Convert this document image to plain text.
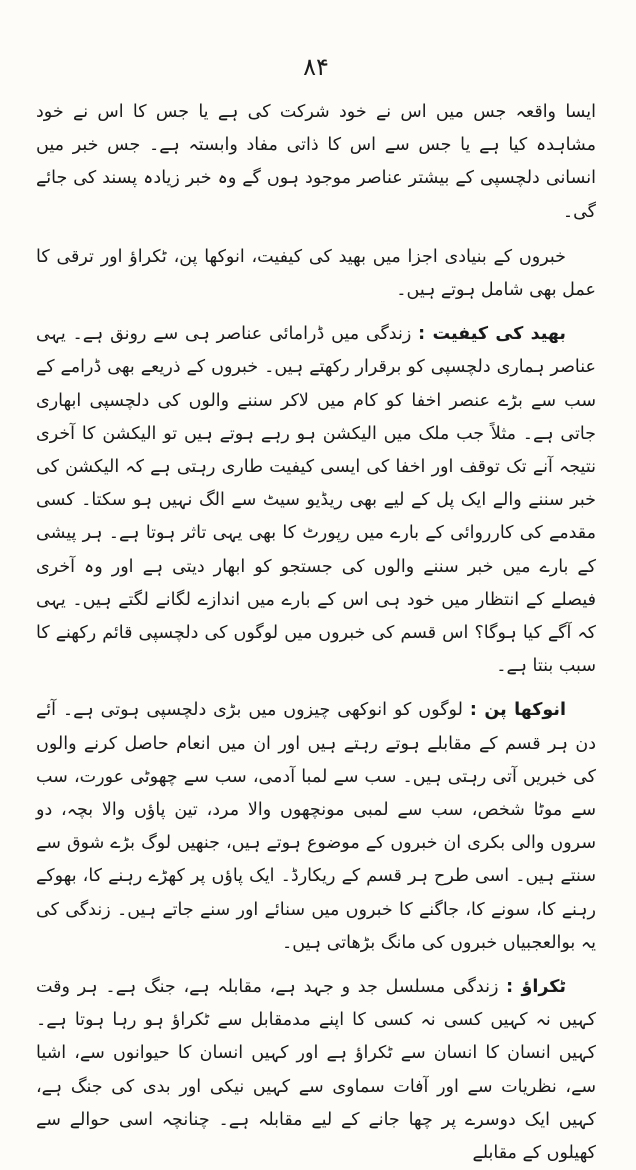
۸۴

ایسا واقعہ جس میں اس نے خود شرکت کی ہے یا جس کا اس نے خود مشاہدہ کیا ہے یا جس سے اس کا ذاتی مفاد وابستہ ہے۔ جس خبر میں انسانی دلچسپی کے بیشتر عناصر موجود ہوں گے وہ خبر زیادہ پسند کی جائے گی۔

خبروں کے بنیادی اجزا میں بھید کی کیفیت، انوکھا پن، ٹکراؤ اور ترقی کا عمل بھی شامل ہوتے ہیں۔

بھید کی کیفیت : زندگی میں ڈرامائی عناصر ہی سے رونق ہے۔ یہی عناصر ہماری دلچسپی کو برقرار رکھتے ہیں۔ خبروں کے ذریعے بھی ڈرامے کے سب سے بڑے عنصر اخفا کو کام میں لاکر سننے والوں کی دلچسپی ابھاری جاتی ہے۔ مثلاً جب ملک میں الیکشن ہو رہے ہوتے ہیں تو الیکشن کا آخری نتیجہ آنے تک توقف اور اخفا کی ایسی کیفیت طاری رہتی ہے کہ الیکشن کی خبر سننے والے ایک پل کے لیے بھی ریڈیو سیٹ سے الگ نہیں ہو سکتا۔ کسی مقدمے کی کارروائی کے بارے میں رپورٹ کا بھی یہی تاثر ہوتا ہے۔ ہر پیشی کے بارے میں خبر سننے والوں کی جستجو کو ابھار دیتی ہے اور وہ آخری فیصلے کے انتظار میں خود ہی اس کے بارے میں اندازے لگانے لگتے ہیں۔ یہی کہ آگے کیا ہوگا؟ اس قسم کی خبروں میں لوگوں کی دلچسپی قائم رکھنے کا سبب بنتا ہے۔

انوکھا پن : لوگوں کو انوکھی چیزوں میں بڑی دلچسپی ہوتی ہے۔ آئے دن ہر قسم کے مقابلے ہوتے رہتے ہیں اور ان میں انعام حاصل کرنے والوں کی خبریں آتی رہتی ہیں۔ سب سے لمبا آدمی، سب سے چھوٹی عورت، سب سے موٹا شخص، سب سے لمبی مونچھوں والا مرد، تین پاؤں والا بچہ، دو سروں والی بکری ان خبروں کے موضوع ہوتے ہیں، جنھیں لوگ بڑے شوق سے سنتے ہیں۔ اسی طرح ہر قسم کے ریکارڈ۔ ایک پاؤں پر کھڑے رہنے کا، بھوکے رہنے کا، سونے کا، جاگنے کا خبروں میں سنائے اور سنے جاتے ہیں۔ زندگی کی یہ بوالعجبیاں خبروں کی مانگ بڑھاتی ہیں۔

ٹکراؤ : زندگی مسلسل جد و جہد ہے، مقابلہ ہے، جنگ ہے۔ ہر وقت کہیں نہ کہیں کسی نہ کسی کا اپنے مدمقابل سے ٹکراؤ ہو رہا ہوتا ہے۔ کہیں انسان کا انسان سے ٹکراؤ ہے اور کہیں انسان کا حیوانوں سے، اشیا سے، نظریات سے اور آفات سماوی سے کہیں نیکی اور بدی کی جنگ ہے، کہیں ایک دوسرے پر چھا جانے کے لیے مقابلہ ہے۔ چنانچہ اسی حوالے سے کھیلوں کے مقابلے
